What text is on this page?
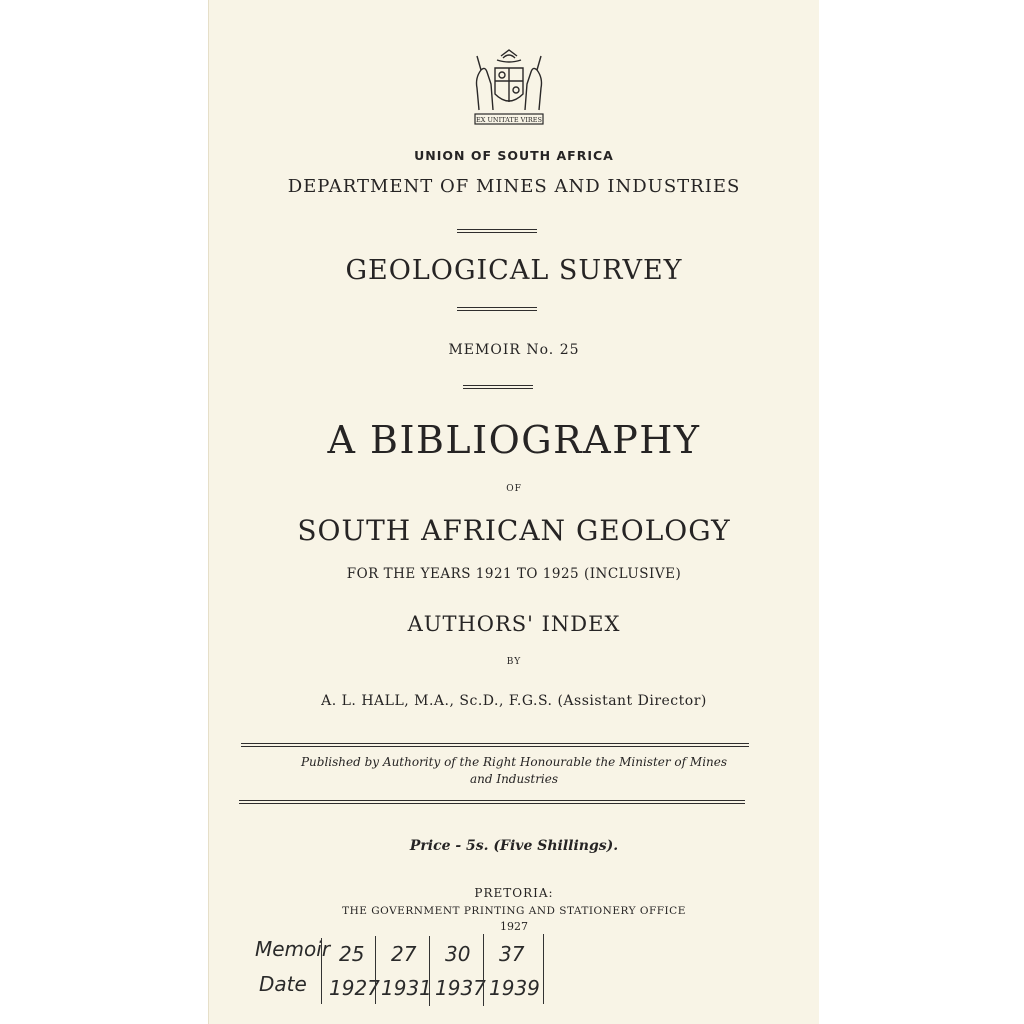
EX UNITATE VIRES
UNION OF SOUTH AFRICA
DEPARTMENT OF MINES AND INDUSTRIES
GEOLOGICAL SURVEY
MEMOIR No. 25
A BIBLIOGRAPHY
OF
SOUTH AFRICAN GEOLOGY
FOR THE YEARS 1921 TO 1925 (INCLUSIVE)
AUTHORS' INDEX
BY
A. L. HALL, M.A., Sc.D., F.G.S. (Assistant Director)
Published by Authority of the Right Honourable the Minister of Mines
and Industries
Price - 5s. (Five Shillings).
PRETORIA:
THE GOVERNMENT PRINTING AND STATIONERY OFFICE
1927
Memoir
Date
25
1927
27
1931
30
1937
37
1939
